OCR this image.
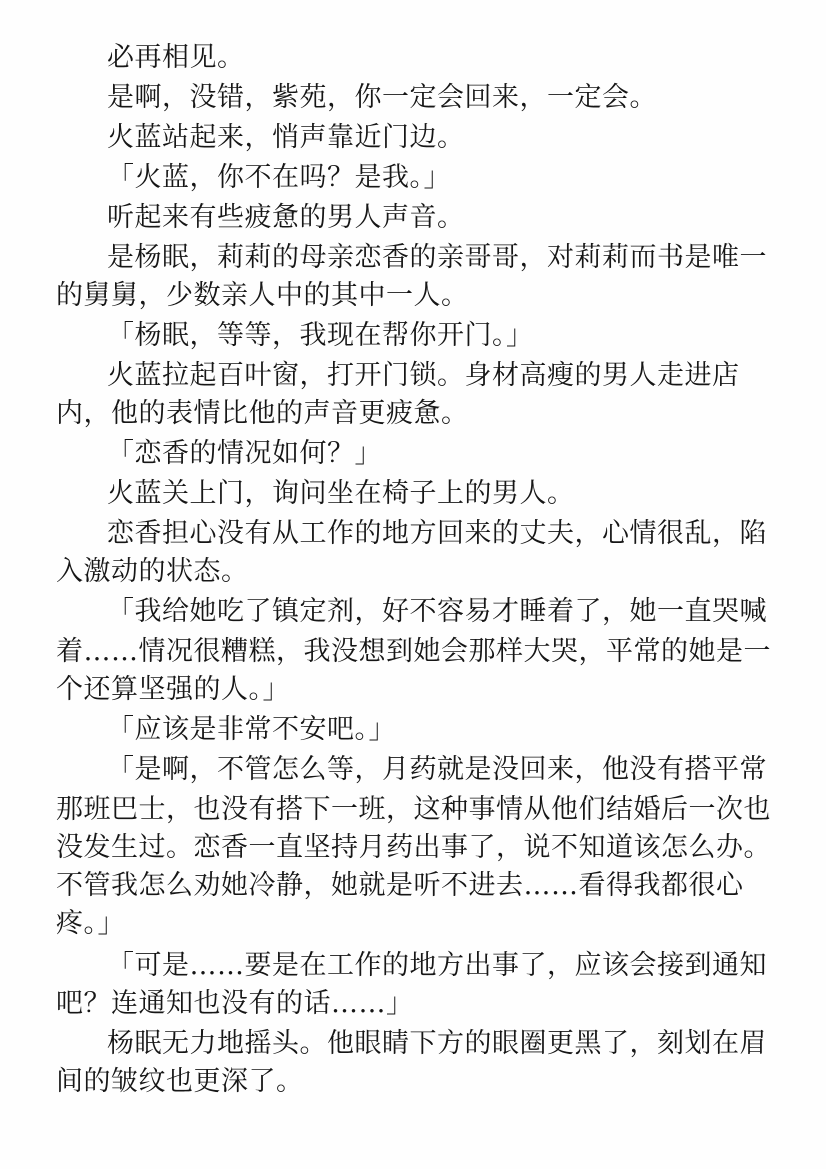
必再相见。

是啊，没错，紫苑，你一定会回来，一定会。

火蓝站起来，悄声靠近门边。

「火蓝，你不在吗？是我。」

听起来有些疲惫的男人声音。

是杨眠，莉莉的母亲恋香的亲哥哥，对莉莉而书是唯一

的舅舅，少数亲人中的其中一人。

「杨眠，等等，我现在帮你开门。」

火蓝拉起百叶窗，打开门锁。身材高瘦的男人走进店

内，他的表情比他的声音更疲惫。

「恋香的情况如何？」

火蓝关上门，询问坐在椅子上的男人。

恋香担心没有从工作的地方回来的丈夫，心情很乱，陷

入激动的状态。

「我给她吃了镇定剂，好不容易才睡着了，她一直哭喊

着……情况很糟糕，我没想到她会那样大哭，平常的她是一

个还算坚强的人。」

「应该是非常不安吧。」

「是啊，不管怎么等，月药就是没回来，他没有搭平常

那班巴士，也没有搭下一班，这种事情从他们结婚后一次也

没发生过。恋香一直坚持月药出事了，说不知道该怎么办。

不管我怎么劝她冷静，她就是听不进去……看得我都很心

疼。」

「可是……要是在工作的地方出事了，应该会接到通知

吧？连通知也没有的话……」

杨眠无力地摇头。他眼睛下方的眼圈更黑了，刻划在眉

间的皱纹也更深了。
